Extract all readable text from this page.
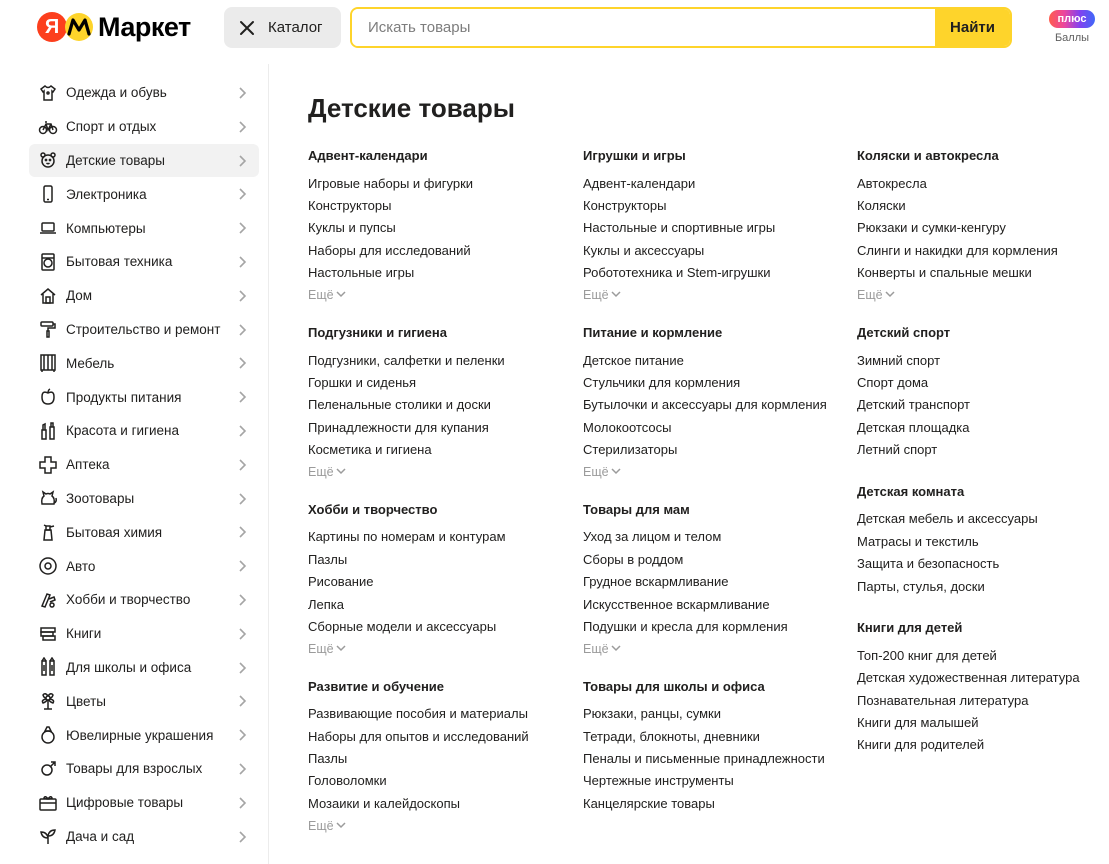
Я Маркет	Каталог
Искать товары	Найти	плюс
Баллы
Одежда и обувь
Спорт и отдых
Детские товары
Электроника
Компьютеры
Бытовая техника
Дом
Строительство и ремонт
Мебель
Продукты питания
Красота и гигиена
Аптека
Зоотовары
Бытовая химия
Авто
Хобби и творчество
Книги
Для школы и офиса
Цветы
Ювелирные украшения
Товары для взрослых
Цифровые товары
Дача и сад
Детские товары
Адвент-календари
Игровые наборы и фигурки
Конструкторы
Куклы и пупсы
Наборы для исследований
Настольные игры
Ещё
Подгузники и гигиена
Подгузники, салфетки и пеленки
Горшки и сиденья
Пеленальные столики и доски
Принадлежности для купания
Косметика и гигиена
Ещё
Хобби и творчество
Картины по номерам и контурам
Пазлы
Рисование
Лепка
Сборные модели и аксессуары
Ещё
Развитие и обучение
Развивающие пособия и материалы
Наборы для опытов и исследований
Пазлы
Головоломки
Мозаики и калейдоскопы
Ещё
Игрушки и игры
Адвент-календари
Конструкторы
Настольные и спортивные игры
Куклы и аксессуары
Робототехника и Stem-игрушки
Ещё
Питание и кормление
Детское питание
Стульчики для кормления
Бутылочки и аксессуары для кормления
Молокоотсосы
Стерилизаторы
Ещё
Товары для мам
Уход за лицом и телом
Сборы в роддом
Грудное вскармливание
Искусственное вскармливание
Подушки и кресла для кормления
Ещё
Товары для школы и офиса
Рюкзаки, ранцы, сумки
Тетради, блокноты, дневники
Пеналы и письменные принадлежности
Чертежные инструменты
Канцелярские товары
Коляски и автокресла
Автокресла
Коляски
Рюкзаки и сумки-кенгуру
Слинги и накидки для кормления
Конверты и спальные мешки
Ещё
Детский спорт
Зимний спорт
Спорт дома
Детский транспорт
Детская площадка
Летний спорт
Детская комната
Детская мебель и аксессуары
Матрасы и текстиль
Защита и безопасность
Парты, стулья, доски
Книги для детей
Топ-200 книг для детей
Детская художественная литература
Познавательная литература
Книги для малышей
Книги для родителей
